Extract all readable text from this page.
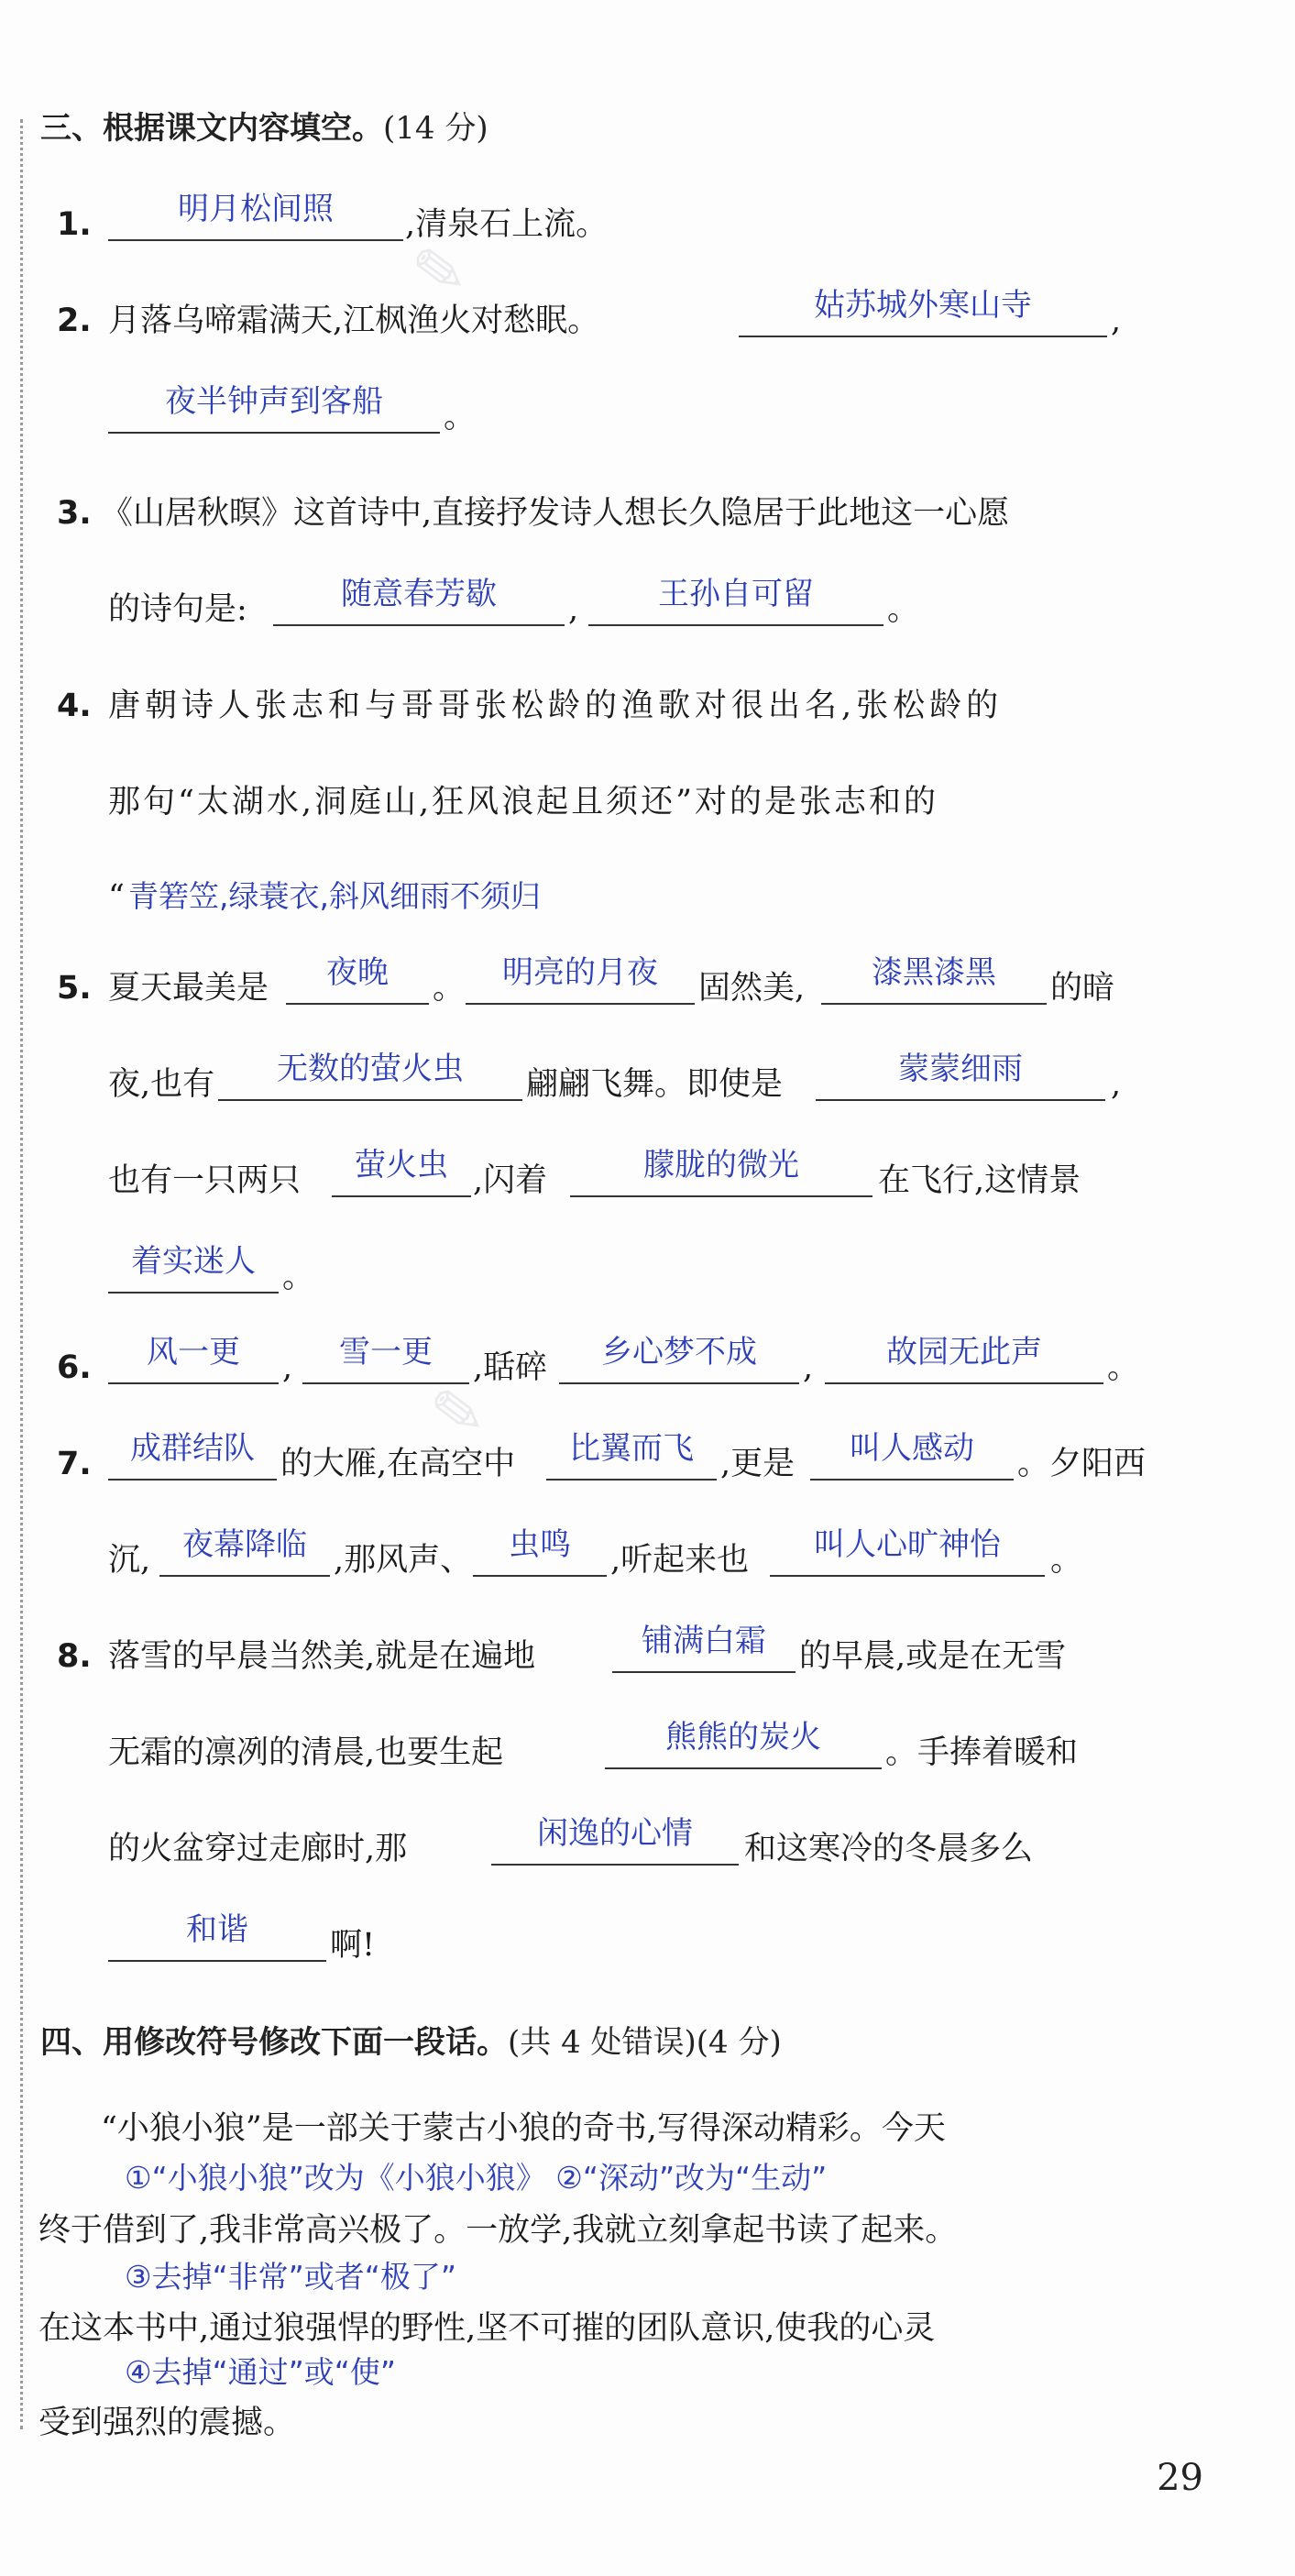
✎
✎
三、根据课文内容填空。(14 分)
1.	明月松间照	,清泉石上流。
2. 月落乌啼霜满天,江枫渔火对愁眠。	姑苏城外寒山寺	,
夜半钟声到客船	。
3. 《山居秋暝》这首诗中,直接抒发诗人想长久隐居于此地这一心愿
的诗句是:	随意春芳歇	,	王孙自可留	。
4. 唐朝诗人张志和与哥哥张松龄的渔歌对很出名,张松龄的
那句“太湖水,洞庭山,狂风浪起且须还”对的是张志和的
“ 青箬笠,绿蓑衣,斜风细雨不须归
5. 夏天最美是	夜晚	。	明亮的月夜	固然美,	漆黑漆黑	的暗
夜,也有	无数的萤火虫	翩翩飞舞。即使是	蒙蒙细雨	,
也有一只两只	萤火虫 ,闪着	朦胧的微光	在飞行,这情景
着实迷人 。
6.	风一更	,	雪一更	,聒碎	乡心梦不成	,	故园无此声	。
7.	成群结队 的大雁,在高空中	比翼而飞 ,更是	叫人感动	。夕阳西
沉,	夜幕降临 ,那风声、	虫鸣	,听起来也	叫人心旷神怡	。
8. 落雪的早晨当然美,就是在遍地	铺满白霜	的早晨,或是在无雪
无霜的凛冽的清晨,也要生起	熊熊的炭火	。手捧着暖和
的火盆穿过走廊时,那	闲逸的心情	和这寒冷的冬晨多么
和谐	啊!
四、用修改符号修改下面一段话。(共 4 处错误)(4 分)
“小狼小狼”是一部关于蒙古小狼的奇书,写得深动精彩。今天
①“小狼小狼”改为《小狼小狼》 ②“深动”改为“生动”
终于借到了,我非常高兴极了。一放学,我就立刻拿起书读了起来。
③去掉“非常”或者“极了”
在这本书中,通过狼强悍的野性,坚不可摧的团队意识,使我的心灵
④去掉“通过”或“使”
受到强烈的震撼。
29
